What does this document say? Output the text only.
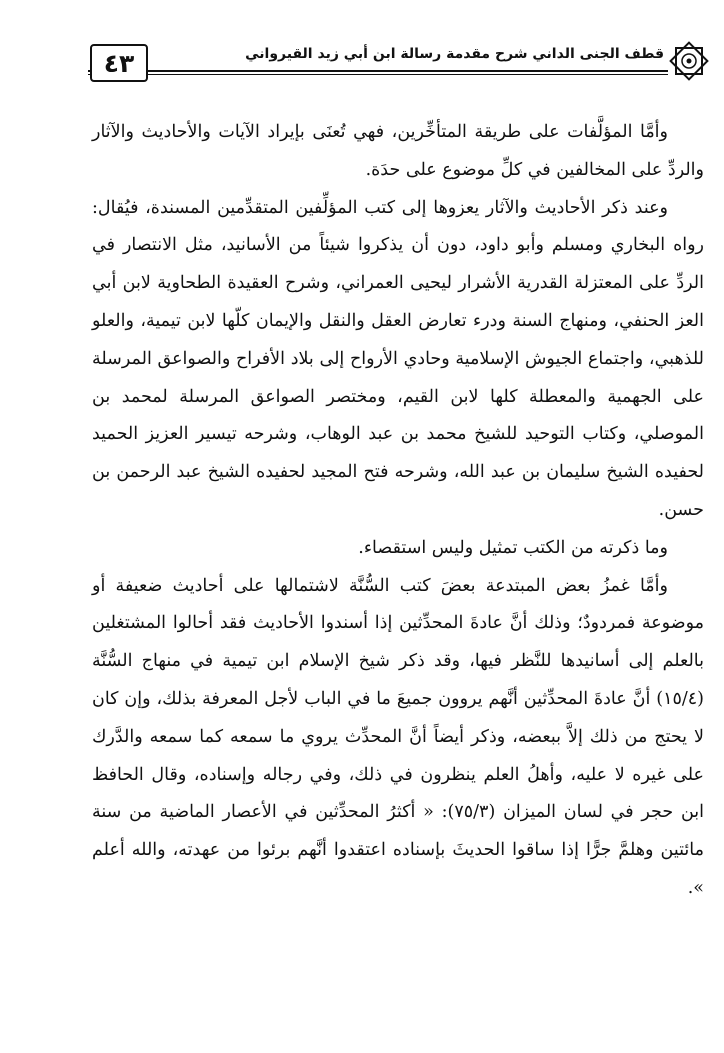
٤٣	قطف الجنى الداني شرح مقدمة رسالة ابن أبي زيد القيرواني

وأمَّا المؤلَّفات على طريقة المتأخِّرين، فهي تُعنَى بإيراد الآيات والأحاديث والآثار والردِّ على المخالفين في كلِّ موضوع على حدَة.

وعند ذكر الأحاديث والآثار يعزوها إلى كتب المؤلِّفين المتقدِّمين المسندة، فيُقال: رواه البخاري ومسلم وأبو داود، دون أن يذكروا شيئاً من الأسانيد، مثل الانتصار في الردِّ على المعتزلة القدرية الأشرار ليحيى العمراني، وشرح العقيدة الطحاوية لابن أبي العز الحنفي، ومنهاج السنة ودرء تعارض العقل والنقل والإيمان كلّها لابن تيمية، والعلو للذهبي، واجتماع الجيوش الإسلامية وحادي الأرواح إلى بلاد الأفراح والصواعق المرسلة على الجهمية والمعطلة كلها لابن القيم، ومختصر الصواعق المرسلة لمحمد بن الموصلي، وكتاب التوحيد للشيخ محمد بن عبد الوهاب، وشرحه تيسير العزيز الحميد لحفيده الشيخ سليمان بن عبد الله، وشرحه فتح المجيد لحفيده الشيخ عبد الرحمن بن حسن.

وما ذكرته من الكتب تمثيل وليس استقصاء.

وأمَّا غمزُ بعض المبتدعة بعضَ كتب السُّنَّة لاشتمالها على أحاديث ضعيفة أو موضوعة فمردودٌ؛ وذلك أنَّ عادةَ المحدِّثين إذا أسندوا الأحاديث فقد أحالوا المشتغلين بالعلم إلى أسانيدها للنَّظر فيها، وقد ذكر شيخ الإسلام ابن تيمية في منهاج السُّنَّة (١٥/٤) أنَّ عادةَ المحدِّثين أنَّهم يروون جميعَ ما في الباب لأجل المعرفة بذلك، وإن كان لا يحتج من ذلك إلاَّ ببعضه، وذكر أيضاً أنَّ المحدِّث يروي ما سمعه كما سمعه والدَّرك على غيره لا عليه، وأهلُ العلم ينظرون في ذلك، وفي رجاله وإسناده، وقال الحافظ ابن حجر في لسان الميزان (٧٥/٣): « أكثرُ المحدِّثين في الأعصار الماضية من سنة مائتين وهلمَّ جرًّا إذا ساقوا الحديثَ بإسناده اعتقدوا أنَّهم برئوا من عهدته، والله أعلم ».
